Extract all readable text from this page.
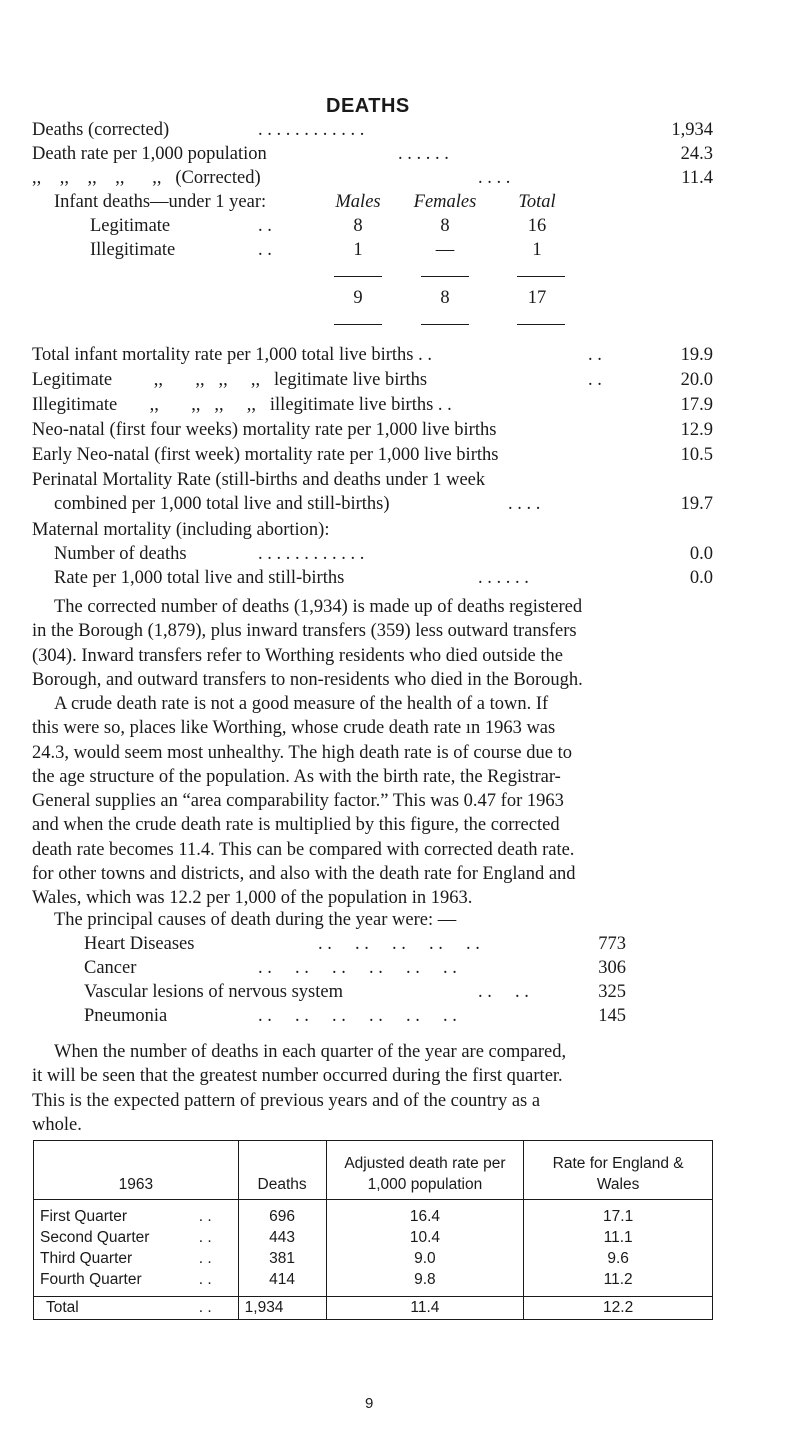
DEATHS
Deaths (corrected)	. . . . . . . . . . . .	1,934
Death rate per 1,000 population	. . . . . .	24.3
,,    ,,    ,,    ,,      ,,   (Corrected)	. . . .	11.4
Infant deaths—under 1 year:	Males	Females	Total
Legitimate	. .	8	8	16
Illegitimate	. .	1	—	1
9	8	17
Total infant mortality rate per 1,000 total live births . .	. .	19.9
Legitimate         ,,       ,,   ,,     ,,   legitimate live births	. .	20.0
Illegitimate       ,,       ,,   ,,     ,,   illegitimate live births . .	17.9
Neo-natal (first four weeks) mortality rate per 1,000 live births	12.9
Early Neo-natal (first week) mortality rate per 1,000 live births	10.5
Perinatal Mortality Rate (still-births and deaths under 1 week
combined per 1,000 total live and still-births)	. . . .	19.7
Maternal mortality (including abortion):
Number of deaths	. . . . . . . . . . . .	0.0
Rate per 1,000 total live and still-births	. . . . . .	0.0
The corrected number of deaths (1,934) is made up of deaths registered
in the Borough (1,879), plus inward transfers (359) less outward transfers
(304). Inward transfers refer to Worthing residents who died outside the
Borough, and outward transfers to non-residents who died in the Borough.
A crude death rate is not a good measure of the health of a town. If
this were so, places like Worthing, whose crude death rate ın 1963 was
24.3, would seem most unhealthy. The high death rate is of course due to
the age structure of the population. As with the birth rate, the Registrar-
General supplies an “area comparability factor.” This was 0.47 for 1963
and when the crude death rate is multiplied by this figure, the corrected
death rate becomes 11.4. This can be compared with corrected death rate.
for other towns and districts, and also with the death rate for England and
Wales, which was 12.2 per 1,000 of the population in 1963.
The principal causes of death during the year were: —
Heart Diseases	. .     . .     . .     . .     . .	773
Cancer	. .     . .     . .     . .     . .     . .	306
Vascular lesions of nervous system	. .     . .	325
Pneumonia	. .     . .     . .     . .     . .     . .	145
When the number of deaths in each quarter of the year are compared,
it will be seen that the greatest number occurred during the first quarter.
This is the expected pattern of previous years and of the country as a
whole.
1963	Deaths	Adjusted death rate per 1,000 population	Rate for England & Wales
First Quarter . .	696	16.4	17.1
Second Quarter . .	443	10.4	11.1
Third Quarter . .	381	9.0	9.6
Fourth Quarter . .	414	9.8	11.2
Total . .	1,934	11.4	12.2
9
